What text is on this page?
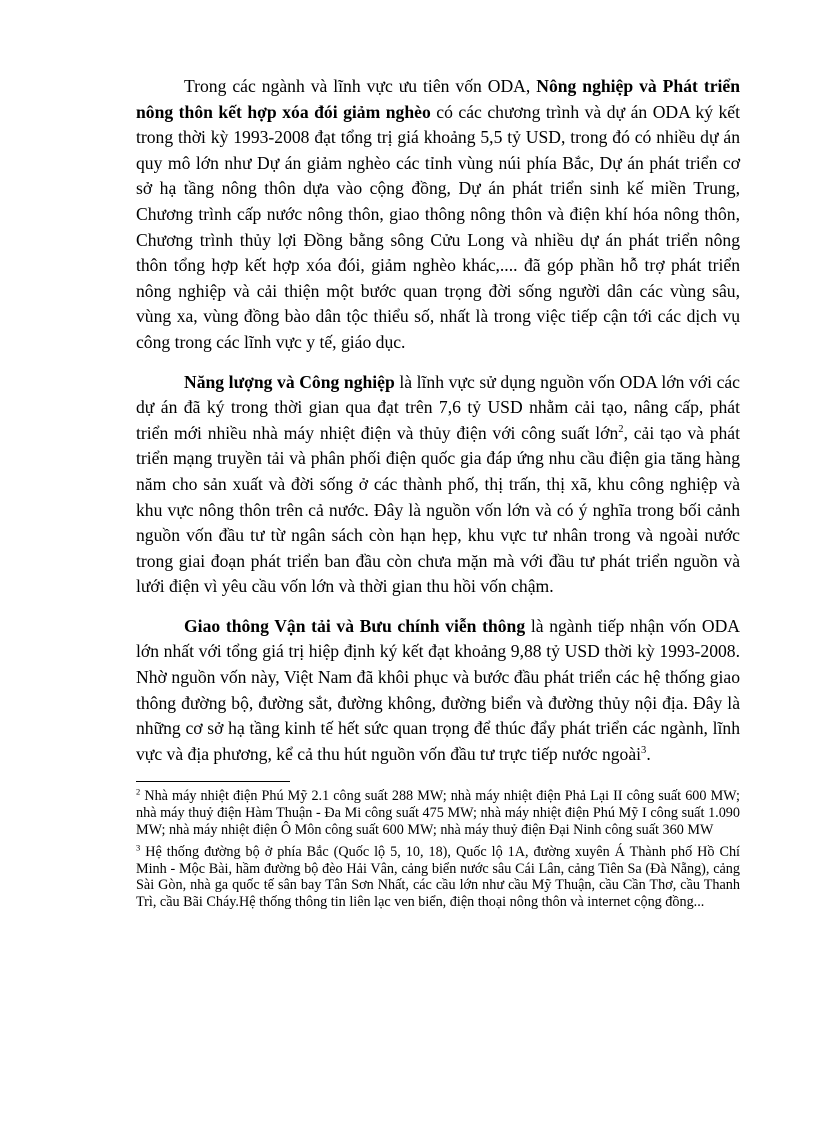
Trong các ngành và lĩnh vực ưu tiên vốn ODA, Nông nghiệp và Phát triển nông thôn kết hợp xóa đói giảm nghèo có các chương trình và dự án ODA ký kết trong thời kỳ 1993-2008 đạt tổng trị giá khoảng 5,5 tỷ USD, trong đó có nhiều dự án quy mô lớn như Dự án giảm nghèo các tỉnh vùng núi phía Bắc, Dự án phát triển cơ sở hạ tầng nông thôn dựa vào cộng đồng, Dự án phát triển sinh kế miền Trung, Chương trình cấp nước nông thôn, giao thông nông thôn và điện khí hóa nông thôn, Chương trình thủy lợi Đồng bằng sông Cửu Long và nhiều dự án phát triển nông thôn tổng hợp kết hợp xóa đói, giảm nghèo khác,.... đã góp phần hỗ trợ phát triển nông nghiệp và cải thiện một bước quan trọng đời sống người dân các vùng sâu, vùng xa, vùng đồng bào dân tộc thiểu số, nhất là trong việc tiếp cận tới các dịch vụ công trong các lĩnh vực y tế, giáo dục.

Năng lượng và Công nghiệp là lĩnh vực sử dụng nguồn vốn ODA lớn với các dự án đã ký trong thời gian qua đạt trên 7,6 tỷ USD nhằm cải tạo, nâng cấp, phát triển mới nhiều nhà máy nhiệt điện và thủy điện với công suất lớn$^2$, cải tạo và phát triển mạng truyền tải và phân phối điện quốc gia đáp ứng nhu cầu điện gia tăng hàng năm cho sản xuất và đời sống ở các thành phố, thị trấn, thị xã, khu công nghiệp và khu vực nông thôn trên cả nước. Đây là nguồn vốn lớn và có ý nghĩa trong bối cảnh nguồn vốn đầu tư từ ngân sách còn hạn hẹp, khu vực tư nhân trong và ngoài nước trong giai đoạn phát triển ban đầu còn chưa mặn mà với đầu tư phát triển nguồn và lưới điện vì yêu cầu vốn lớn và thời gian thu hồi vốn chậm.

Giao thông Vận tải và Bưu chính viễn thông là ngành tiếp nhận vốn ODA lớn nhất với tổng giá trị hiệp định ký kết đạt khoảng 9,88 tỷ USD thời kỳ 1993-2008. Nhờ nguồn vốn này, Việt Nam đã khôi phục và bước đầu phát triển các hệ thống giao thông đường bộ, đường sắt, đường không, đường biển và đường thủy nội địa. Đây là những cơ sở hạ tầng kinh tế hết sức quan trọng để thúc đẩy phát triển các ngành, lĩnh vực và địa phương, kể cả thu hút nguồn vốn đầu tư trực tiếp nước ngoài$^3$.

$^2$ Nhà máy nhiệt điện Phú Mỹ 2.1 công suất 288 MW; nhà máy nhiệt điện Phả Lại II công suất 600 MW; nhà máy thuỷ điện Hàm Thuận - Đa Mi công suất 475 MW; nhà máy nhiệt điện Phú Mỹ I công suất 1.090 MW; nhà máy nhiệt điện Ô Môn công suất 600 MW; nhà máy thuỷ điện Đại Ninh công suất 360 MW

$^3$ Hệ thống đường bộ ở phía Bắc (Quốc lộ 5, 10, 18), Quốc lộ 1A, đường xuyên Á Thành phố Hồ Chí Minh - Mộc Bài, hầm đường bộ đèo Hải Vân, cảng biển nước sâu Cái Lân, cảng Tiên Sa (Đà Nẵng), cảng Sài Gòn, nhà ga quốc tế sân bay Tân Sơn Nhất, các cầu lớn như cầu Mỹ Thuận, cầu Cần Thơ, cầu Thanh Trì, cầu Bãi Cháy.Hệ thống thông tin liên lạc ven biển, điện thoại nông thôn và internet cộng đồng...
